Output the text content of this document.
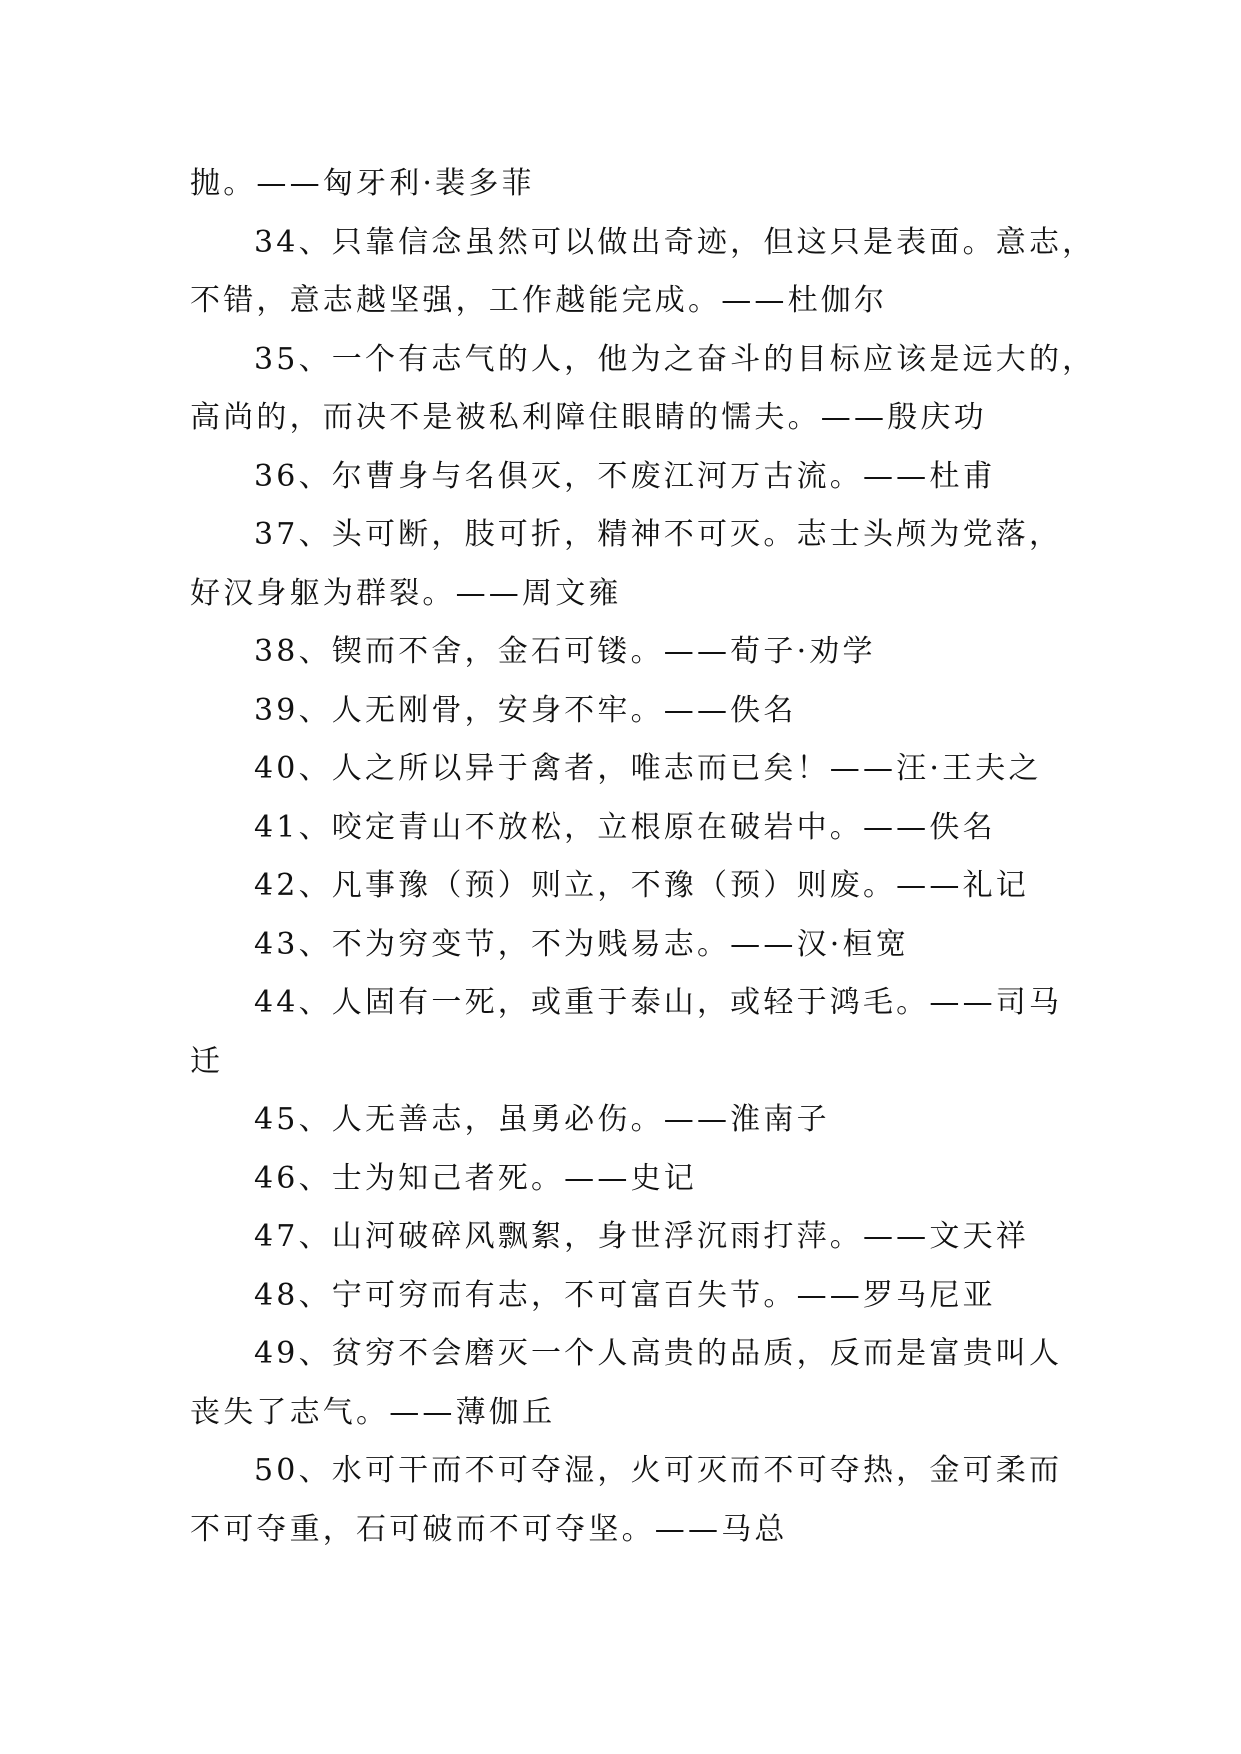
抛。——匈牙利·裴多菲
34、只靠信念虽然可以做出奇迹，但这只是表面。意志，
不错，意志越坚强，工作越能完成。——杜伽尔
35、一个有志气的人，他为之奋斗的目标应该是远大的，
高尚的，而决不是被私利障住眼睛的懦夫。——殷庆功
36、尔曹身与名俱灭，不废江河万古流。——杜甫
37、头可断，肢可折，精神不可灭。志士头颅为党落，
好汉身躯为群裂。——周文雍
38、锲而不舍，金石可镂。——荀子·劝学
39、人无刚骨，安身不牢。——佚名
40、人之所以异于禽者，唯志而已矣！——汪·王夫之
41、咬定青山不放松，立根原在破岩中。——佚名
42、凡事豫（预）则立，不豫（预）则废。——礼记
43、不为穷变节，不为贱易志。——汉·桓宽
44、人固有一死，或重于泰山，或轻于鸿毛。——司马
迁
45、人无善志，虽勇必伤。——淮南子
46、士为知己者死。——史记
47、山河破碎风飘絮，身世浮沉雨打萍。——文天祥
48、宁可穷而有志，不可富百失节。——罗马尼亚
49、贫穷不会磨灭一个人高贵的品质，反而是富贵叫人
丧失了志气。——薄伽丘
50、水可干而不可夺湿，火可灭而不可夺热，金可柔而
不可夺重，石可破而不可夺坚。——马总
